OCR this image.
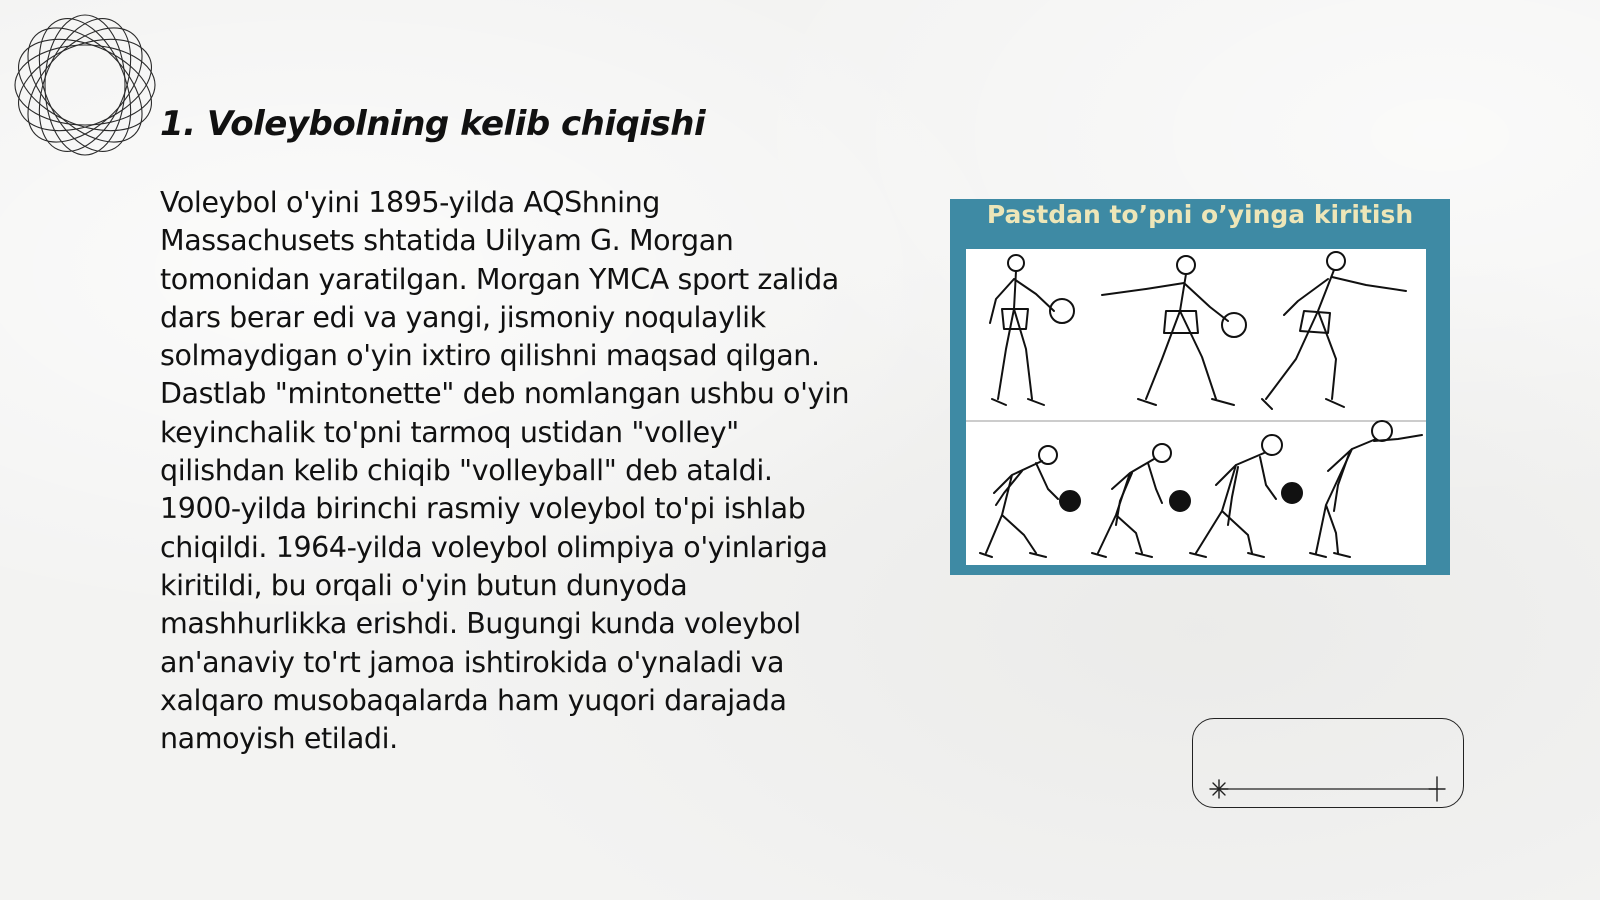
1. Voleybolning kelib chiqishi

Voleybol o'yini 1895-yilda AQShning Massachusets shtatida Uilyam G. Morgan tomonidan yaratilgan. Morgan YMCA sport zalida dars berar edi va yangi, jismoniy noqulaylik solmaydigan o'yin ixtiro qilishni maqsad qilgan. Dastlab "mintonette" deb nomlangan ushbu o'yin keyinchalik to'pni tarmoq ustidan "volley" qilishdan kelib chiqib "volleyball" deb ataldi. 1900-yilda birinchi rasmiy voleybol to'pi ishlab chiqildi. 1964-yilda voleybol olimpiya o'yinlariga kiritildi, bu orqali o'yin butun dunyoda mashhurlikka erishdi. Bugungi kunda voleybol an'anaviy to'rt jamoa ishtirokida o'ynaladi va xalqaro musobaqalarda ham yuqori darajada namoyish etiladi.

Pastdan to’pni o’yinga kiritish
